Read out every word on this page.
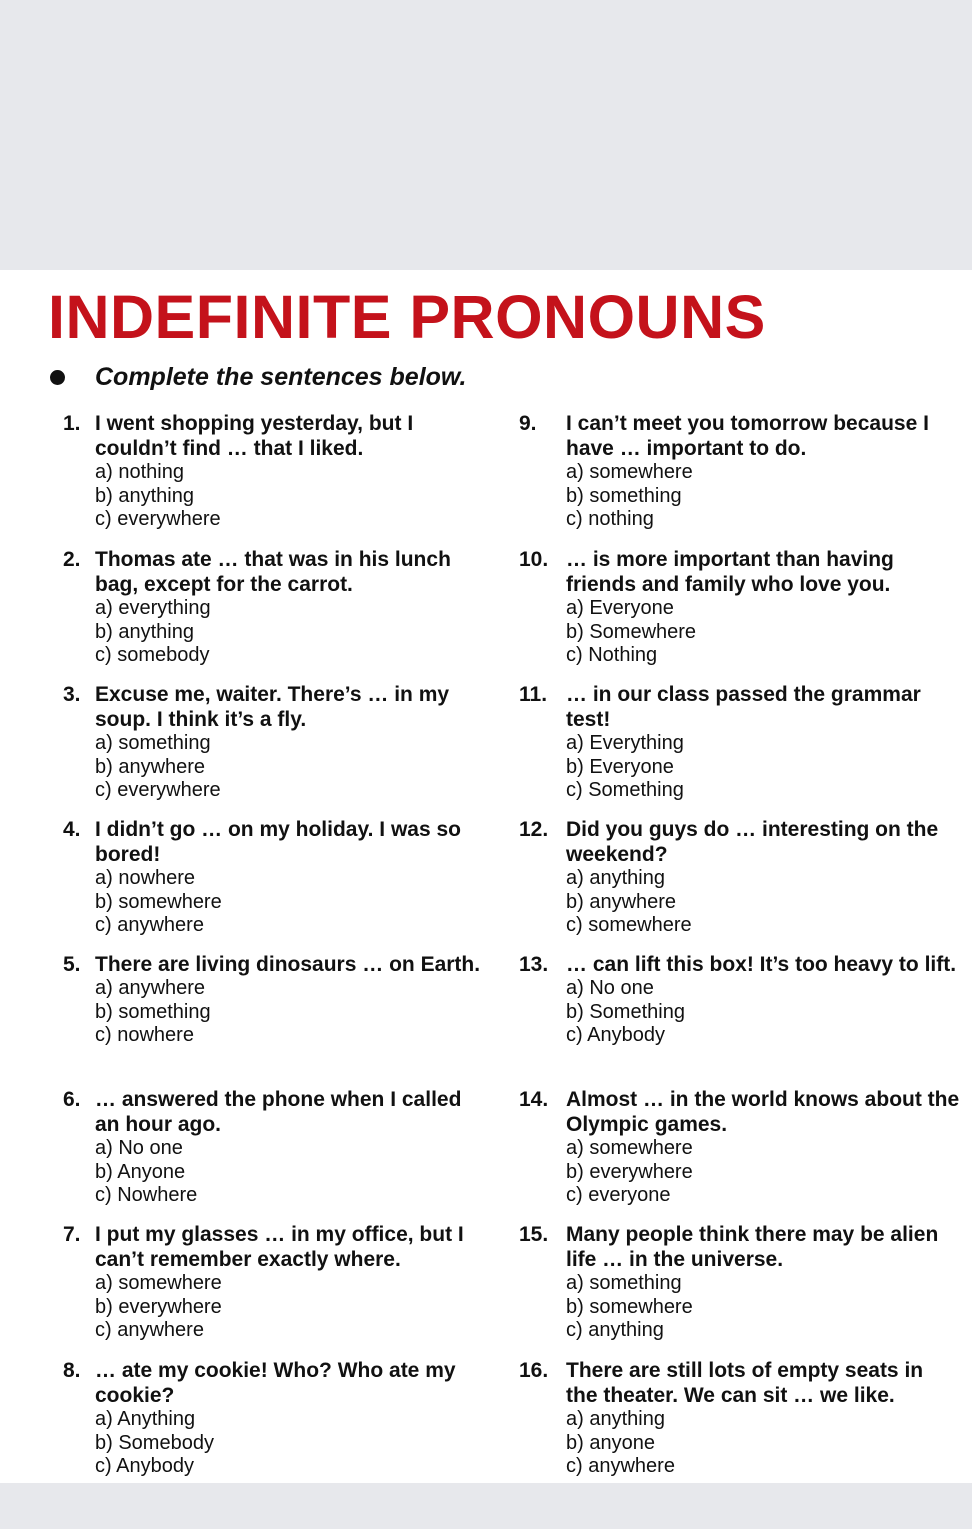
INDEFINITE PRONOUNS
Complete the sentences below.
1. I went shopping yesterday, but I couldn’t find … that I liked.
a) nothing
b) anything
c) everywhere
2. Thomas ate … that was in his lunch bag, except for the carrot.
a) everything
b) anything
c) somebody
3. Excuse me, waiter. There’s … in my soup. I think it’s a fly.
a) something
b) anywhere
c) everywhere
4. I didn’t go … on my holiday. I was so bored!
a) nowhere
b) somewhere
c) anywhere
5. There are living dinosaurs … on Earth.
a) anywhere
b) something
c) nowhere
6. … answered the phone when I called an hour ago.
a) No one
b) Anyone
c) Nowhere
7. I put my glasses … in my office, but I can’t remember exactly where.
a) somewhere
b) everywhere
c) anywhere
8. … ate my cookie! Who? Who ate my cookie?
a) Anything
b) Somebody
c) Anybody
9.	I can’t meet you tomorrow because I have … important to do.
a) somewhere
b) something
c) nothing
10. … is more important than having friends and family who love you.
a) Everyone
b) Somewhere
c) Nothing
11. … in our class passed the grammar test!
a) Everything
b) Everyone
c) Something
12. Did you guys do … interesting on the weekend?
a) anything
b) anywhere
c) somewhere
13. … can lift this box! It’s too heavy to lift.
a) No one
b) Something
c) Anybody
14. Almost … in the world knows about the Olympic games.
a) somewhere
b) everywhere
c) everyone
15. Many people think there may be alien life … in the universe.
a) something
b) somewhere
c) anything
16. There are still lots of empty seats in the theater. We can sit … we like.
a) anything
b) anyone
c) anywhere
